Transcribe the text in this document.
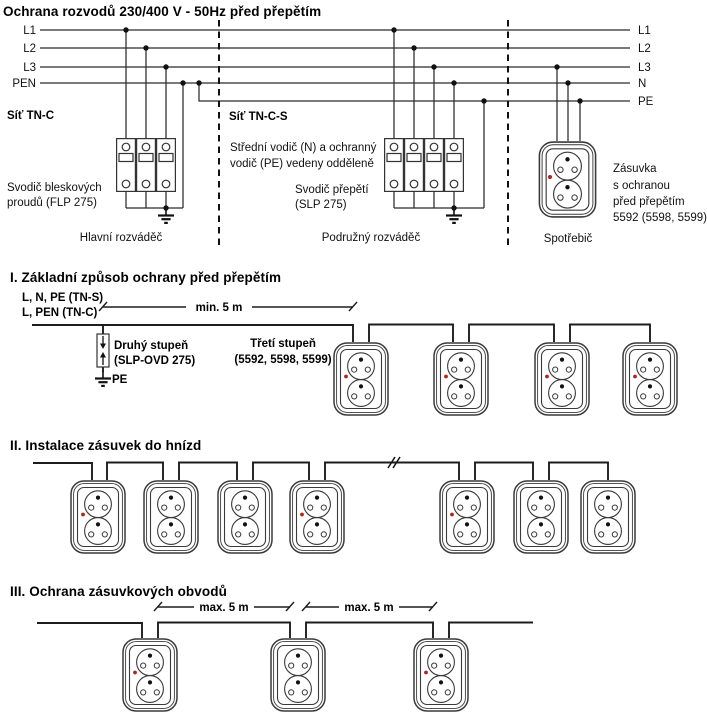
Ochrana rozvodů 230/400 V - 50Hz před přepětím
L1
L2
L3
PEN
L1
L2
L3
N
PE
Síť TN-C	Síť TN-C-S
Svodič bleskových
proudů (FLP 275)
Střední vodič (N) a ochranný
vodič (PE) vedeny odděleně
Svodič přepětí
(SLP 275)
Hlavní rozváděč	Podružný rozváděč	Spotřebič
Zásuvka
s ochranou
před přepětím
5592 (5598, 5599)
I. Základní způsob ochrany před přepětím
L, N, PE (TN-S)
L, PEN (TN-C)	min. 5 m
Druhý stupeň
(SLP-OVD 275)
PE
Třetí stupeň
(5592, 5598, 5599)
II. Instalace zásuvek do hnízd
III. Ochrana zásuvkových obvodů
max. 5 m	max. 5 m
